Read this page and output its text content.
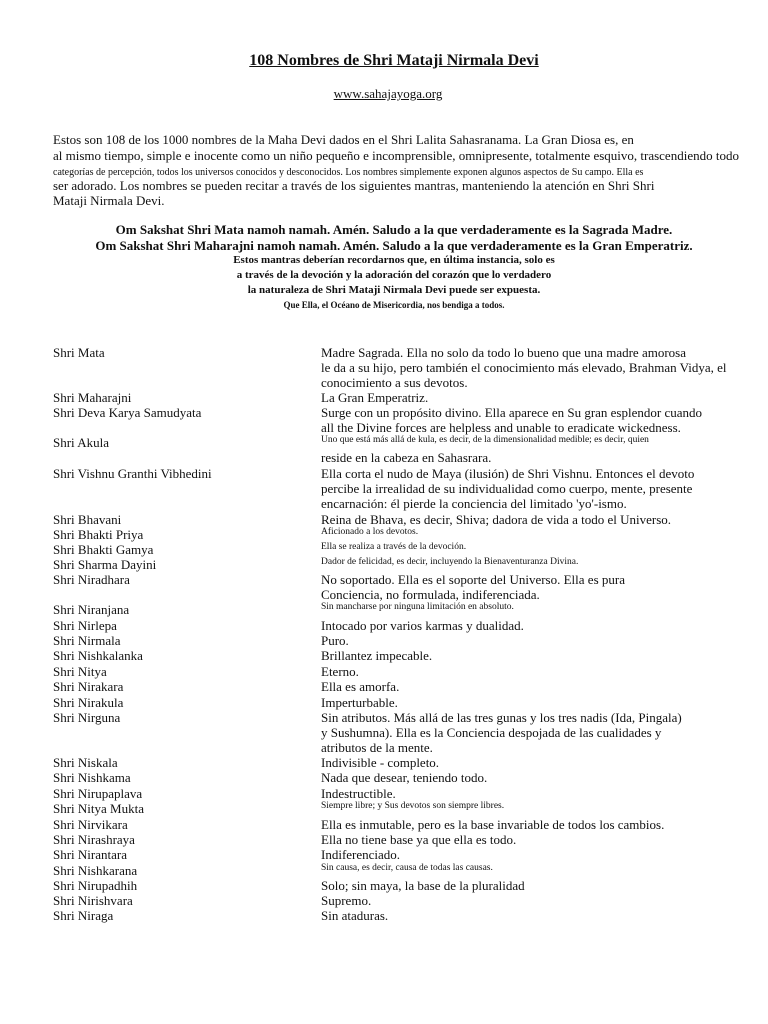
108 Nombres de Shri Mataji Nirmala Devi
www.sahajayoga.org
Estos son 108 de los 1000 nombres de la Maha Devi dados en el Shri Lalita Sahasranama. La Gran Diosa es, en
al mismo tiempo, simple e inocente como un niño pequeño e incomprensible, omnipresente, totalmente esquivo, trascendiendo todo
categorías de percepción, todos los universos conocidos y desconocidos. Los nombres simplemente exponen algunos aspectos de Su campo. Ella es
ser adorado. Los nombres se pueden recitar a través de los siguientes mantras, manteniendo la atención en Shri Shri
Mataji Nirmala Devi.
Om Sakshat Shri Mata namoh namah. Amén. Saludo a la que verdaderamente es la Sagrada Madre.
Om Sakshat Shri Maharajni namoh namah. Amén. Saludo a la que verdaderamente es la Gran Emperatriz.
Estos mantras deberían recordarnos que, en última instancia, solo es
a través de la devoción y la adoración del corazón que lo verdadero
la naturaleza de Shri Mataji Nirmala Devi puede ser expuesta.
Que Ella, el Océano de Misericordia, nos bendiga a todos.
Shri Mata	Madre Sagrada. Ella no solo da todo lo bueno que una madre amorosa
le da a su hijo, pero también el conocimiento más elevado, Brahman Vidya, el
conocimiento a sus devotos.
Shri Maharajni	La Gran Emperatriz.
Shri Deva Karya Samudyata	Surge con un propósito divino. Ella aparece en Su gran esplendor cuando
all the Divine forces are helpless and unable to eradicate wickedness.
Shri Akula	Uno que está más allá de kula, es decir, de la dimensionalidad medible; es decir, quien
reside en la cabeza en Sahasrara.
Shri Vishnu Granthi Vibhedini	Ella corta el nudo de Maya (ilusión) de Shri Vishnu. Entonces el devoto
percibe la irrealidad de su individualidad como cuerpo, mente, presente
encarnación: él pierde la conciencia del limitado 'yo'-ismo.
Shri Bhavani	Reina de Bhava, es decir, Shiva; dadora de vida a todo el Universo.
Shri Bhakti Priya	Aficionado a los devotos.
Shri Bhakti Gamya	Ella se realiza a través de la devoción.
Shri Sharma Dayini	Dador de felicidad, es decir, incluyendo la Bienaventuranza Divina.
Shri Niradhara	No soportado. Ella es el soporte del Universo. Ella es pura
Conciencia, no formulada, indiferenciada.
Shri Niranjana	Sin mancharse por ninguna limitación en absoluto.
Shri Nirlepa	Intocado por varios karmas y dualidad.
Shri Nirmala	Puro.
Shri Nishkalanka	Brillantez impecable.
Shri Nitya	Eterno.
Shri Nirakara	Ella es amorfa.
Shri Nirakula	Imperturbable.
Shri Nirguna	Sin atributos. Más allá de las tres gunas y los tres nadis (Ida, Pingala)
y Sushumna). Ella es la Conciencia despojada de las cualidades y
atributos de la mente.
Shri Niskala	Indivisible - completo.
Shri Nishkama	Nada que desear, teniendo todo.
Shri Nirupaplava	Indestructible.
Shri Nitya Mukta	Siempre libre; y Sus devotos son siempre libres.
Shri Nirvikara	Ella es inmutable, pero es la base invariable de todos los cambios.
Shri Nirashraya	Ella no tiene base ya que ella es todo.
Shri Nirantara	Indiferenciado.
Shri Nishkarana	Sin causa, es decir, causa de todas las causas.
Shri Nirupadhih	Solo; sin maya, la base de la pluralidad
Shri Nirishvara	Supremo.
Shri Niraga	Sin ataduras.
